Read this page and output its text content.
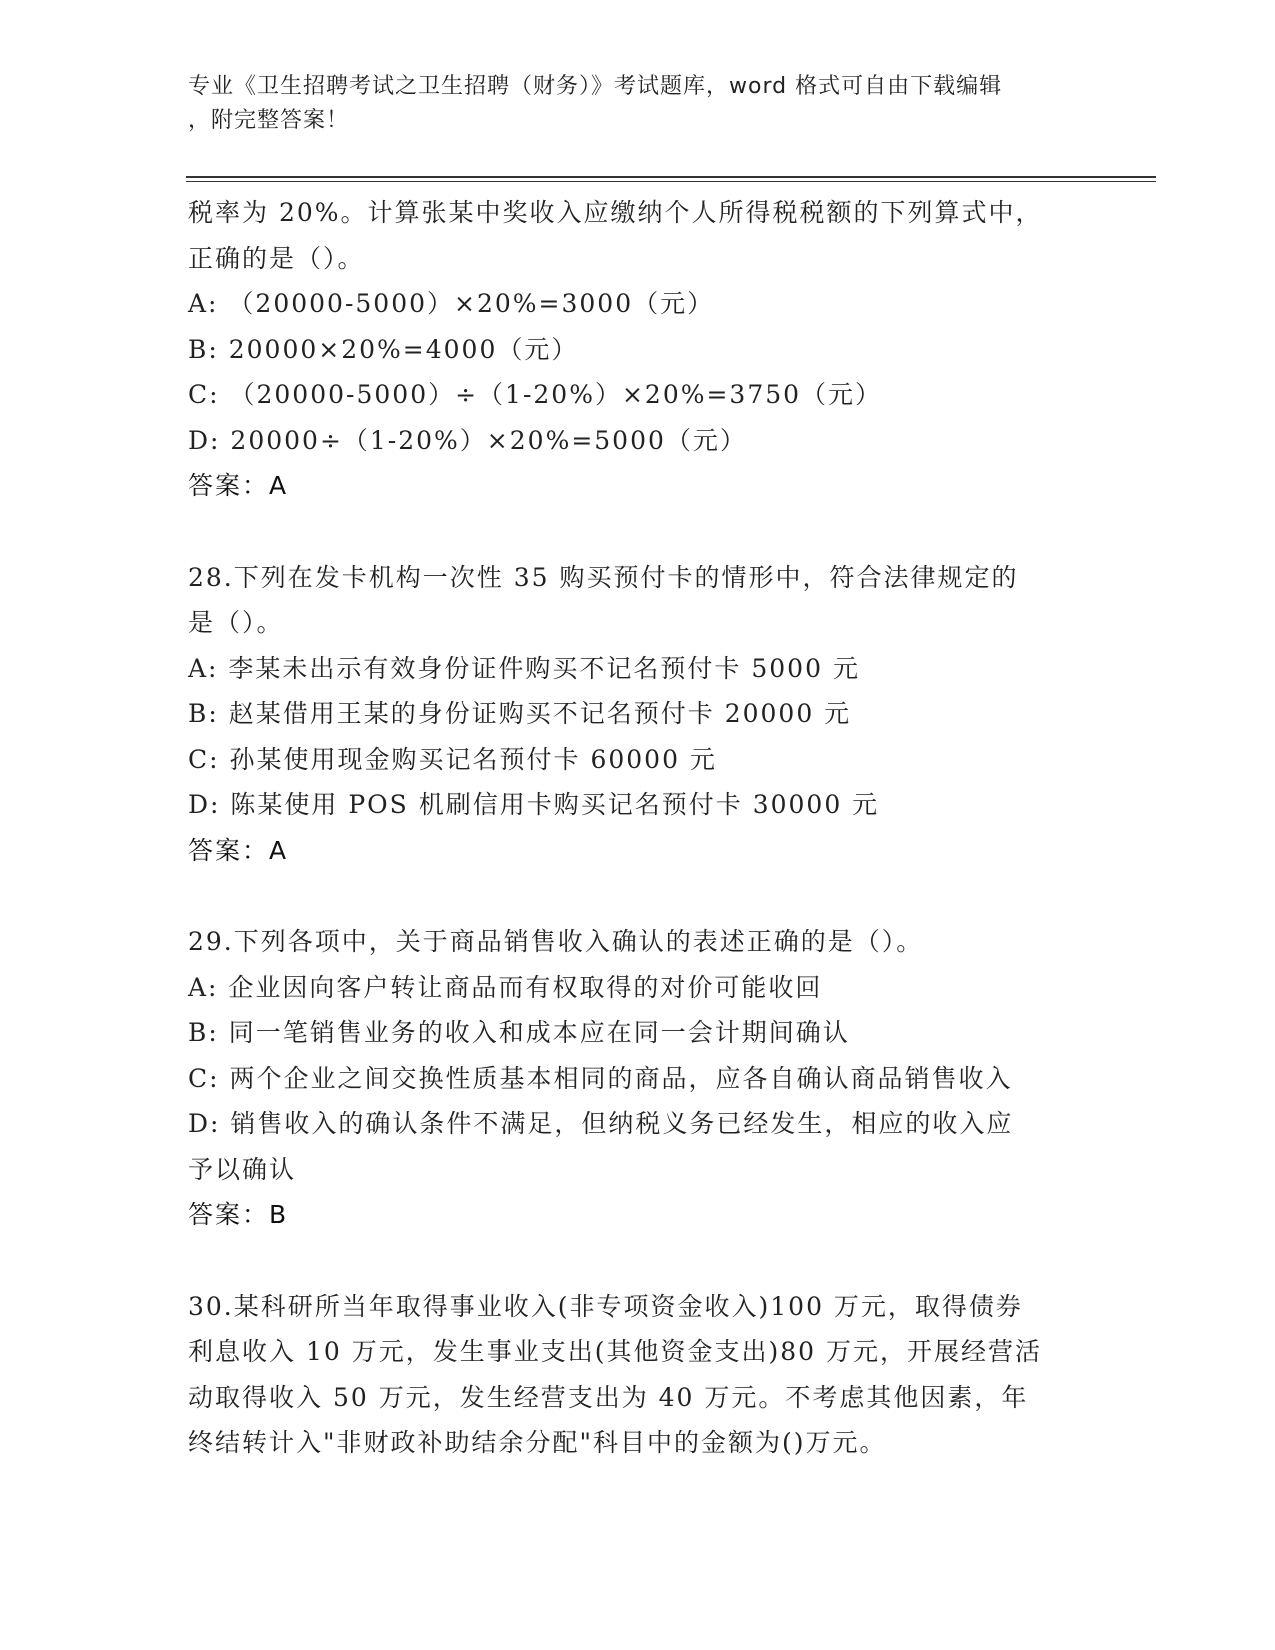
专业《卫生招聘考试之卫生招聘（财务）》考试题库，word 格式可自由下载编辑
，附完整答案！
税率为 20%。计算张某中奖收入应缴纳个人所得税税额的下列算式中，
正确的是（）。
A: （20000-5000）×20%=3000（元）
B: 20000×20%=4000（元）
C: （20000-5000）÷（1-20%）×20%=3750（元）
D: 20000÷（1-20%）×20%=5000（元）
答案：A
28.下列在发卡机构一次性 35 购买预付卡的情形中，符合法律规定的
是（）。
A: 李某未出示有效身份证件购买不记名预付卡 5000 元
B: 赵某借用王某的身份证购买不记名预付卡 20000 元
C: 孙某使用现金购买记名预付卡 60000 元
D: 陈某使用 POS 机刷信用卡购买记名预付卡 30000 元
答案：A
29.下列各项中，关于商品销售收入确认的表述正确的是（）。
A: 企业因向客户转让商品而有权取得的对价可能收回
B: 同一笔销售业务的收入和成本应在同一会计期间确认
C: 两个企业之间交换性质基本相同的商品，应各自确认商品销售收入
D: 销售收入的确认条件不满足，但纳税义务已经发生，相应的收入应
予以确认
答案：B
30.某科研所当年取得事业收入(非专项资金收入)100 万元，取得债券
利息收入 10 万元，发生事业支出(其他资金支出)80 万元，开展经营活
动取得收入 50 万元，发生经营支出为 40 万元。不考虑其他因素，年
终结转计入"非财政补助结余分配"科目中的金额为()万元。
